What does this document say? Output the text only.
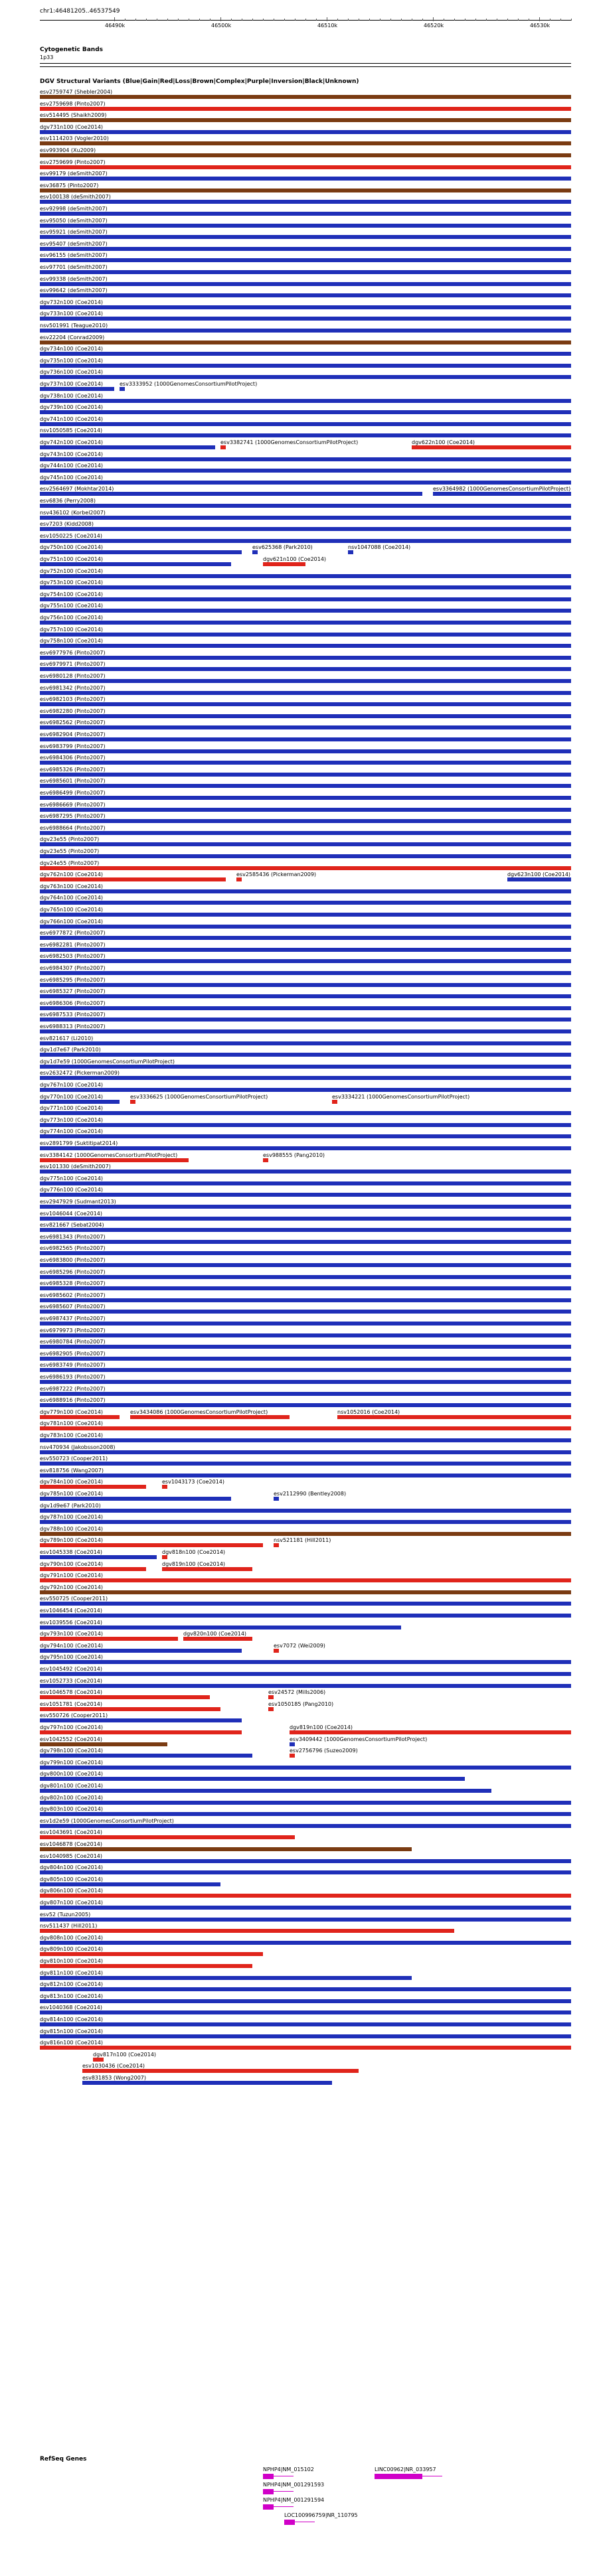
chr1:46481205..46537549
46490k	46500k	46510k	46520k	46530k
Cytogenetic Bands
1p33
DGV Structural Variants (Blue|Gain|Red|Loss|Brown|Complex|Purple|Inversion|Black|Unknown)
esv2759747 (Shebler2004)
esv2759698 (Pinto2007)
esv514495 (Shaikh2009)
dgv731n100 (Coe2014)
esv1114203 (Vogler2010)
esv993904 (Xu2009)
esv2759699 (Pinto2007)
esv99179 (deSmith2007)
esv36875 (Pinto2007)
esv100138 (deSmith2007)
esv92998 (deSmith2007)
esv95050 (deSmith2007)
esv95921 (deSmith2007)
esv95407 (deSmith2007)
esv96155 (deSmith2007)
esv97701 (deSmith2007)
esv99338 (deSmith2007)
esv99642 (deSmith2007)
dgv732n100 (Coe2014)
dgv733n100 (Coe2014)
nsv501991 (Teague2010)
esv22204 (Conrad2009)
dgv734n100 (Coe2014)
dgv735n100 (Coe2014)
dgv736n100 (Coe2014)
dgv737n100 (Coe2014)	esv3333952 (1000GenomesConsortiumPilotProject)
dgv738n100 (Coe2014)
dgv739n100 (Coe2014)
dgv741n100 (Coe2014)
nsv1050585 (Coe2014)
dgv742n100 (Coe2014)	esv3382741 (1000GenomesConsortiumPilotProject)	dgv622n100 (Coe2014)
dgv743n100 (Coe2014)
dgv744n100 (Coe2014)
dgv745n100 (Coe2014)
esv2564697 (Mokhtar2014)	esv3364982 (1000GenomesConsortiumPilotProject)
esv6836 (Perry2008)
nsv436102 (Korbel2007)
esv7203 (Kidd2008)
esv1050225 (Coe2014)
dgv750n100 (Coe2014)	esv625368 (Park2010)	nsv1047088 (Coe2014)
dgv751n100 (Coe2014)	dgv621n100 (Coe2014)
dgv752n100 (Coe2014)
dgv753n100 (Coe2014)
dgv754n100 (Coe2014)
dgv755n100 (Coe2014)
dgv756n100 (Coe2014)
dgv757n100 (Coe2014)
dgv758n100 (Coe2014)
esv6977976 (Pinto2007)
esv6979971 (Pinto2007)
esv6980128 (Pinto2007)
esv6981342 (Pinto2007)
esv6982103 (Pinto2007)
esv6982280 (Pinto2007)
esv6982562 (Pinto2007)
esv6982904 (Pinto2007)
esv6983799 (Pinto2007)
esv6984306 (Pinto2007)
esv6985326 (Pinto2007)
esv6985601 (Pinto2007)
esv6986499 (Pinto2007)
esv6986669 (Pinto2007)
esv6987295 (Pinto2007)
esv6988664 (Pinto2007)
dgv23e55 (Pinto2007)
dgv23e55 (Pinto2007)
dgv24e55 (Pinto2007)
dgv762n100 (Coe2014)	esv2585436 (Pickerman2009)	dgv623n100 (Coe2014)
dgv763n100 (Coe2014)
dgv764n100 (Coe2014)
dgv765n100 (Coe2014)
dgv766n100 (Coe2014)
esv6977872 (Pinto2007)
esv6982281 (Pinto2007)
esv6982503 (Pinto2007)
esv6984307 (Pinto2007)
esv6985295 (Pinto2007)
esv6985327 (Pinto2007)
esv6986306 (Pinto2007)
esv6987533 (Pinto2007)
esv6988313 (Pinto2007)
esv821617 (Li2010)
dgv1d7e67 (Park2010)
dgv1d7e59 (1000GenomesConsortiumPilotProject)
esv2632472 (Pickerman2009)
dgv767n100 (Coe2014)
dgv770n100 (Coe2014)	esv3336625 (1000GenomesConsortiumPilotProject)	esv3334221 (1000GenomesConsortiumPilotProject)
dgv771n100 (Coe2014)
dgv773n100 (Coe2014)
dgv774n100 (Coe2014)
esv2891799 (Suktitipat2014)
esv3384142 (1000GenomesConsortiumPilotProject)	esv988555 (Pang2010)
esv101330 (deSmith2007)
dgv775n100 (Coe2014)
dgv776n100 (Coe2014)
esv2947929 (Sudmant2013)
esv1046044 (Coe2014)
esv821667 (Sebat2004)
esv6981343 (Pinto2007)
esv6982565 (Pinto2007)
esv6983800 (Pinto2007)
esv6985296 (Pinto2007)
esv6985328 (Pinto2007)
esv6985602 (Pinto2007)
esv6985607 (Pinto2007)
esv6987437 (Pinto2007)
esv6979973 (Pinto2007)
esv6980784 (Pinto2007)
esv6982905 (Pinto2007)
esv6983749 (Pinto2007)
esv6986193 (Pinto2007)
esv6987222 (Pinto2007)
esv6988916 (Pinto2007)
dgv779n100 (Coe2014)	esv3434086 (1000GenomesConsortiumPilotProject)	nsv1052016 (Coe2014)
dgv781n100 (Coe2014)
dgv783n100 (Coe2014)
nsv470934 (Jakobsson2008)
esv550723 (Cooper2011)
esv818756 (Wang2007)
dgv784n100 (Coe2014)	esv1043173 (Coe2014)
dgv785n100 (Coe2014)	esv2112990 (Bentley2008)
dgv1d9e67 (Park2010)
dgv787n100 (Coe2014)
dgv788n100 (Coe2014)
dgv789n100 (Coe2014)	nsv521181 (Hill2011)
esv1045338 (Coe2014)	dgv818n100 (Coe2014)
dgv790n100 (Coe2014)	dgv819n100 (Coe2014)
dgv791n100 (Coe2014)
dgv792n100 (Coe2014)
esv550725 (Cooper2011)
esv1046454 (Coe2014)
esv1039556 (Coe2014)
dgv793n100 (Coe2014)	dgv820n100 (Coe2014)
dgv794n100 (Coe2014)	esv7072 (Wei2009)
dgv795n100 (Coe2014)
esv1045492 (Coe2014)
esv1052733 (Coe2014)
esv1046578 (Coe2014)	esv24572 (Mills2006)
esv1051781 (Coe2014)	esv1050185 (Pang2010)
esv550726 (Cooper2011)
dgv797n100 (Coe2014)	dgv819n100 (Coe2014)
esv1042552 (Coe2014)	esv3409442 (1000GenomesConsortiumPilotProject)
dgv798n100 (Coe2014)	esv2756796 (Suzeo2009)
dgv799n100 (Coe2014)
dgv800n100 (Coe2014)
dgv801n100 (Coe2014)
dgv802n100 (Coe2014)
dgv803n100 (Coe2014)
esv1d2e59 (1000GenomesConsortiumPilotProject)
esv1043691 (Coe2014)
esv1046878 (Coe2014)
esv1040985 (Coe2014)
dgv804n100 (Coe2014)
dgv805n100 (Coe2014)
dgv806n100 (Coe2014)
dgv807n100 (Coe2014)
esv52 (Tuzun2005)
nsv511437 (Hill2011)
dgv808n100 (Coe2014)
dgv809n100 (Coe2014)
dgv810n100 (Coe2014)
dgv811n100 (Coe2014)
dgv812n100 (Coe2014)
dgv813n100 (Coe2014)
esv1040368 (Coe2014)
dgv814n100 (Coe2014)
dgv815n100 (Coe2014)
dgv816n100 (Coe2014)
dgv817n100 (Coe2014)
esv1030436 (Coe2014)
esv831853 (Wong2007)
RefSeq Genes
NPHP4|NM_015102
NPHP4|NM_001291593
LINC00962|NR_033957
NPHP4|NM_001291594
LOC100996759|NR_110795
